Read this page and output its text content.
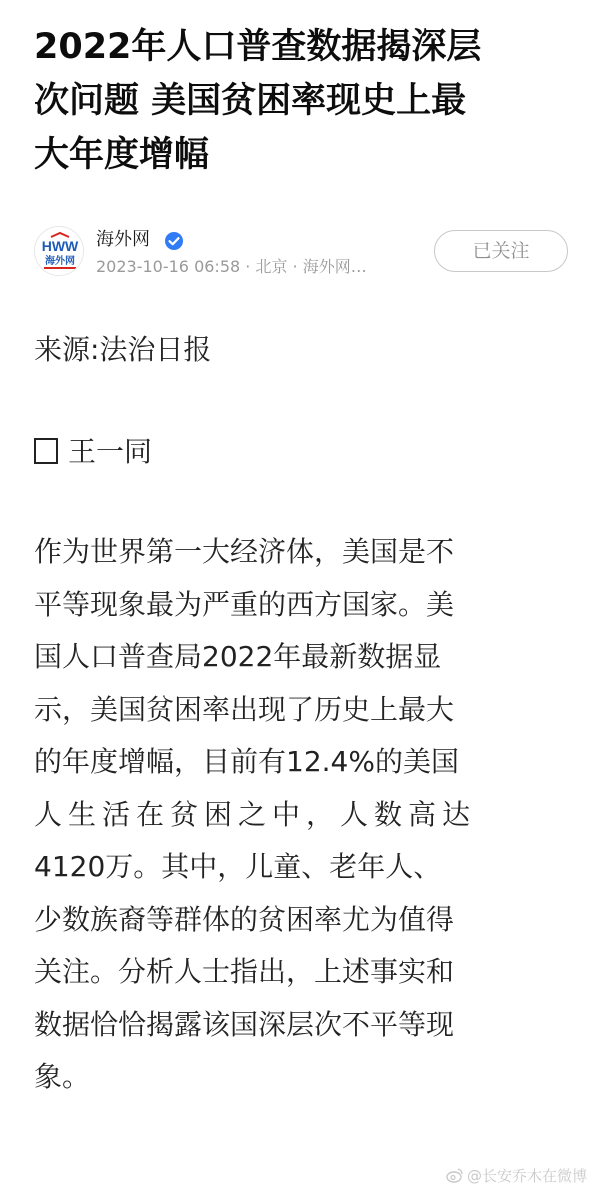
2022年人口普查数据揭深层
次问题 美国贫困率现史上最
大年度增幅
HWW
海外网
海外网
2023-10-16 06:58 · 北京 · 海外网…
已关注
来源:法治日报
王一同
作为世界第一大经济体，美国是不
平等现象最为严重的西方国家。美
国人口普查局2022年最新数据显
示，美国贫困率出现了历史上最大
的年度增幅，目前有12.4%的美国
人生活在贫困之中，人数高达
4120万。其中，儿童、老年人、
少数族裔等群体的贫困率尤为值得
关注。分析人士指出，上述事实和
数据恰恰揭露该国深层次不平等现
象。
@长安乔木在微博
